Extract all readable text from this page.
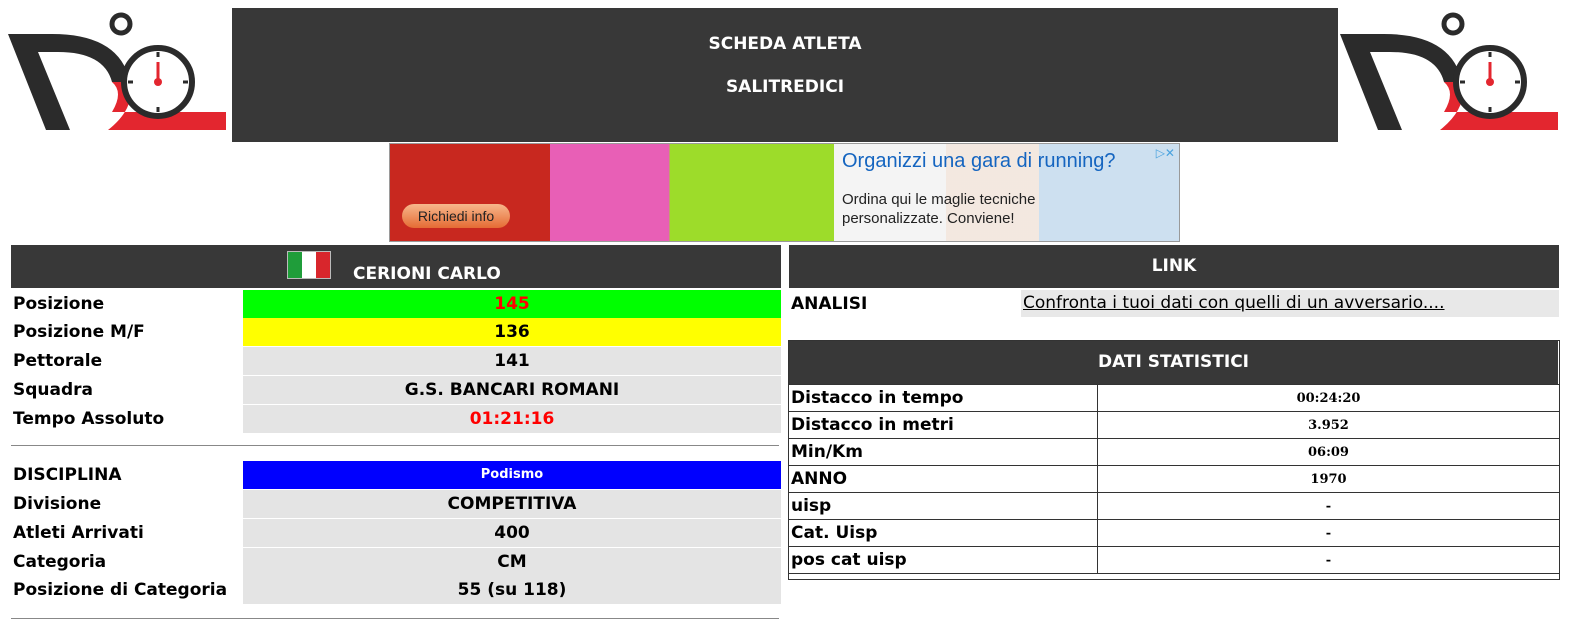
SCHEDA ATLETA
SALITREDICI
Richiedi info
Organizzi una gara di running?
Ordina qui le maglie tecniche personalizzate. Conviene!
▷✕
CERIONI CARLO
Posizione	145
Posizione M/F	136
Pettorale	141
Squadra	G.S. BANCARI ROMANI
Tempo Assoluto	01:21:16
DISCIPLINA	Podismo
Divisione	COMPETITIVA
Atleti Arrivati	400
Categoria	CM
Posizione di Categoria	55 (su 118)
LINK
ANALISI	Confronta i tuoi dati con quelli di un avversario....
DATI STATISTICI
Distacco in tempo	00:24:20
Distacco in metri	3.952
Min/Km	06:09
ANNO	1970
uisp	-
Cat. Uisp	-
pos cat uisp	-
